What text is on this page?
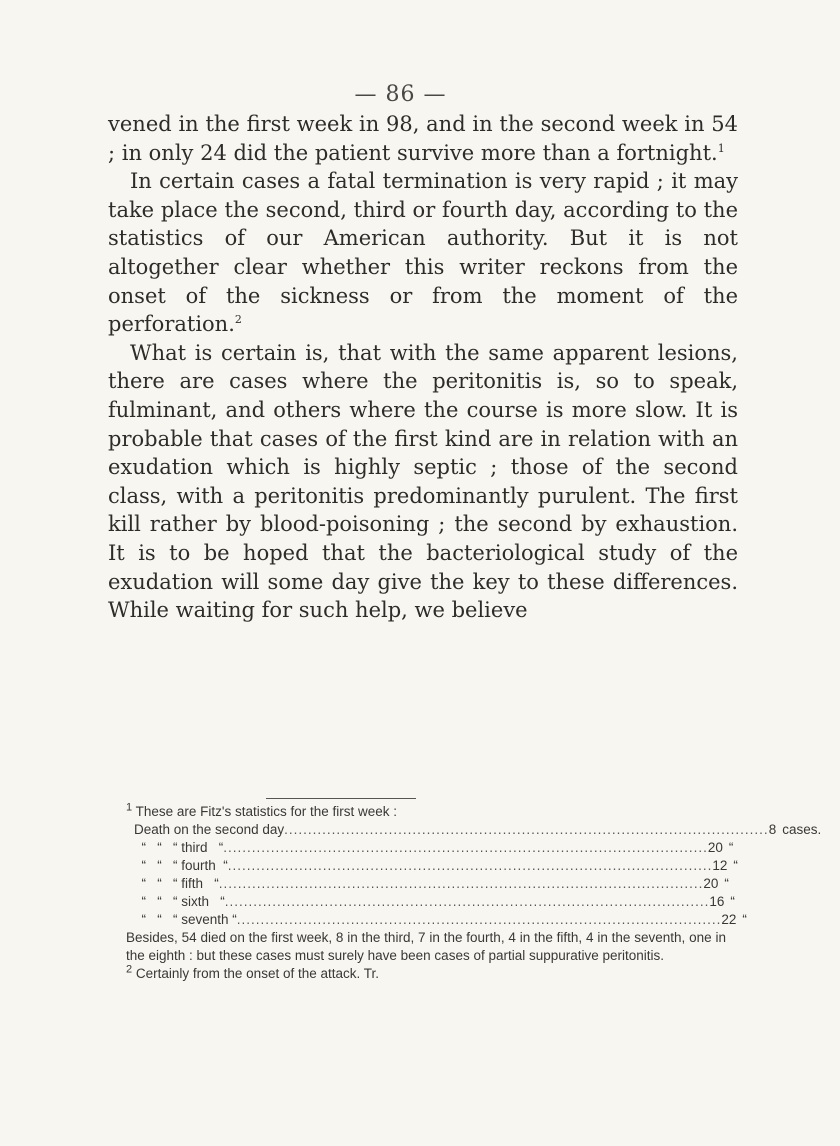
— 86 —

vened in the first week in 98, and in the second week in 54 ; in only 24 did the patient survive more than a fortnight.$^1$

In certain cases a fatal termination is very rapid ; it may take place the second, third or fourth day, according to the statistics of our American authority. But it is not altogether clear whether this writer reckons from the onset of the sickness or from the moment of the perforation.$^2$

What is certain is, that with the same apparent lesions, there are cases where the peritonitis is, so to speak, fulminant, and others where the course is more slow. It is probable that cases of the first kind are in relation with an exudation which is highly septic ; those of the second class, with a peritonitis predominantly purulent. The first kill rather by blood-poisoning ; the second by exhaustion. It is to be hoped that the bacteriological study of the exudation will some day give the key to these differences. While waiting for such help, we believe

$^1$ These are Fitz's statistics for the first week :
Death on the second day ...................................................................................................... 8 cases.
“   “   “ third   “ ...................................................................................................... 20 “
“   “   “ fourth  “ ...................................................................................................... 12 “
“   “   “ fifth   “ ...................................................................................................... 20 “
“   “   “ sixth   “ ...................................................................................................... 16 “
“   “   “ seventh “ ...................................................................................................... 22 “
Besides, 54 died on the first week, 8 in the third, 7 in the fourth, 4 in the fifth, 4 in the seventh, one in the eighth : but these cases must surely have been cases of partial suppurative peritonitis.
$^2$ Certainly from the onset of the attack. Tr.
